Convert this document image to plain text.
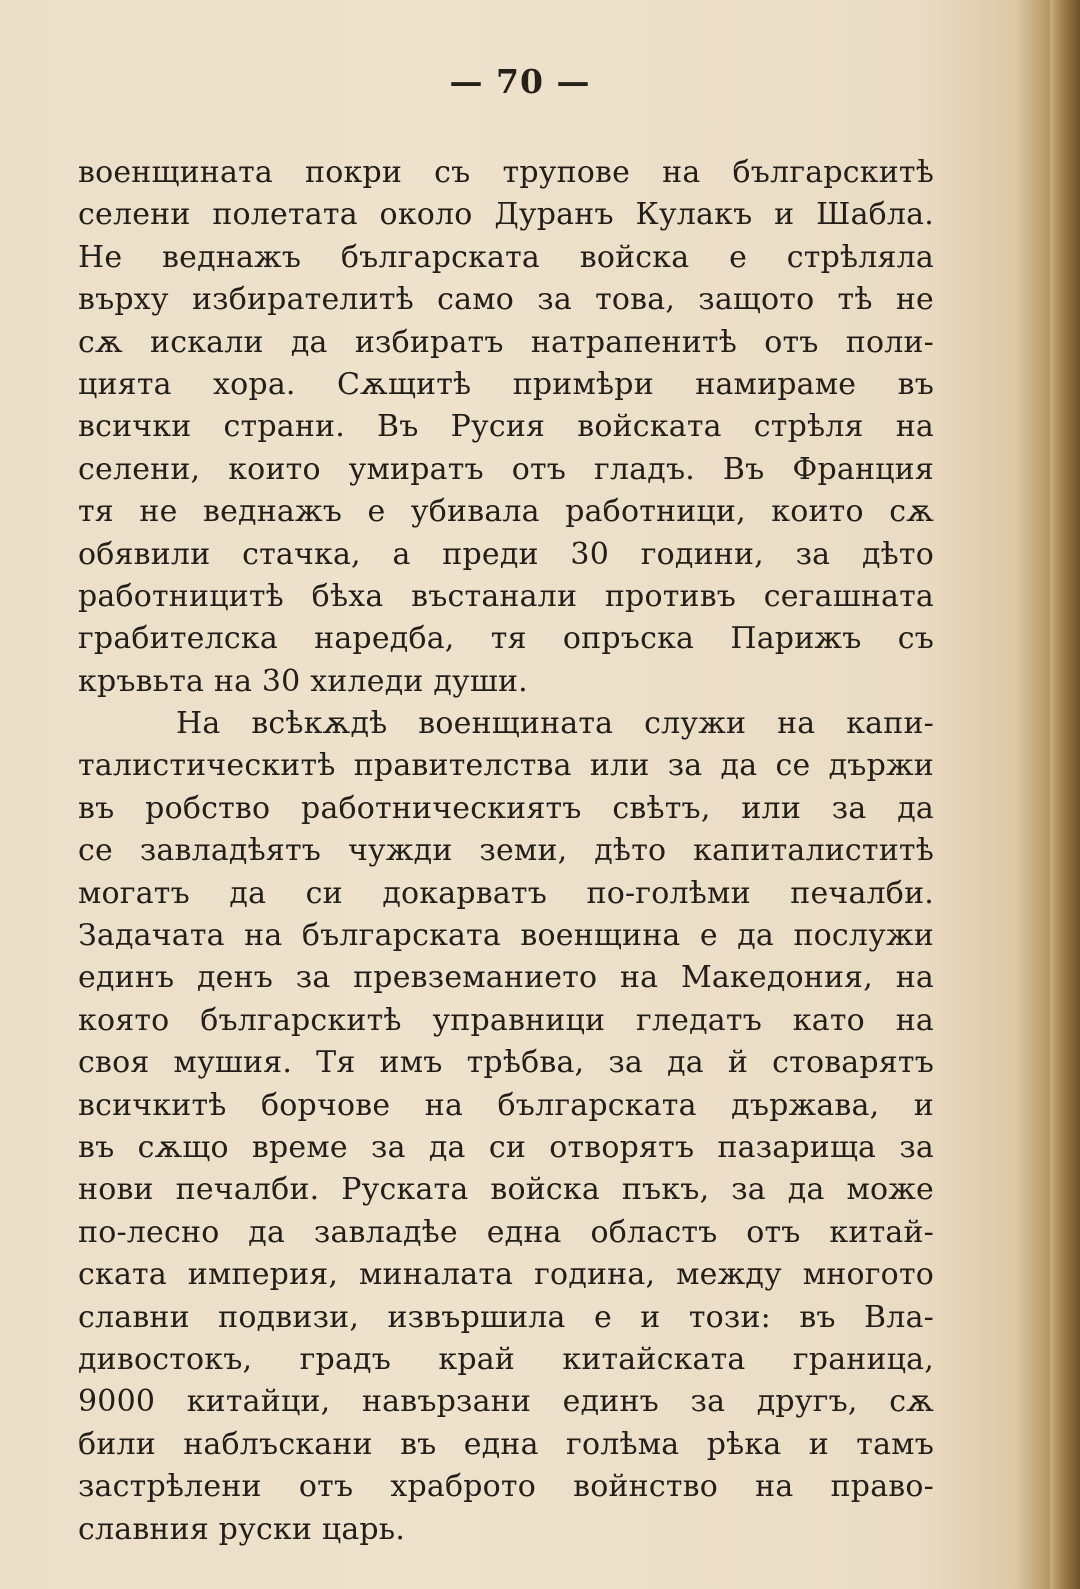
— 70 —
военщината покри съ трупове на българскитѣ
селени полетата около Дуранъ Кулакъ и Шабла.
Не веднажъ българската войска е стрѣляла
върху избирателитѣ само за това, защото тѣ не
сѫ искали да избиратъ натрапенитѣ отъ поли-
цията хора. Сѫщитѣ примѣри намираме въ
всички страни. Въ Русия войската стрѣля на
селени, които умиратъ отъ гладъ. Въ Франция
тя не веднажъ е убивала работници, които сѫ
обявили стачка, а преди 30 години, за дѣто
работницитѣ бѣха въстанали противъ сегашната
грабителска наредба, тя опръска Парижъ съ
кръвьта на 30 хиледи души.
На всѣкѫдѣ военщината служи на капи-
талистическитѣ правителства или за да се държи
въ робство работническиятъ свѣтъ, или за да
се завладѣятъ чужди земи, дѣто капиталиститѣ
могатъ да си докарватъ по-голѣми печалби.
Задачата на българската военщина е да послужи
единъ денъ за превземанието на Македония, на
която българскитѣ управници гледатъ като на
своя мушия. Тя имъ трѣбва, за да й стоварятъ
всичкитѣ борчове на българската държава, и
въ сѫщо време за да си отворятъ пазарища за
нови печалби. Руската войска пъкъ, за да може
по-лесно да завладѣе една областъ отъ китай-
ската империя, миналата година, между многото
славни подвизи, извършила е и този: въ Вла-
дивостокъ, градъ край китайската граница,
9000 китайци, навързани единъ за другъ, сѫ
били наблъскани въ една голѣма рѣка и тамъ
застрѣлени отъ храброто войнство на право-
славния руски царь.
